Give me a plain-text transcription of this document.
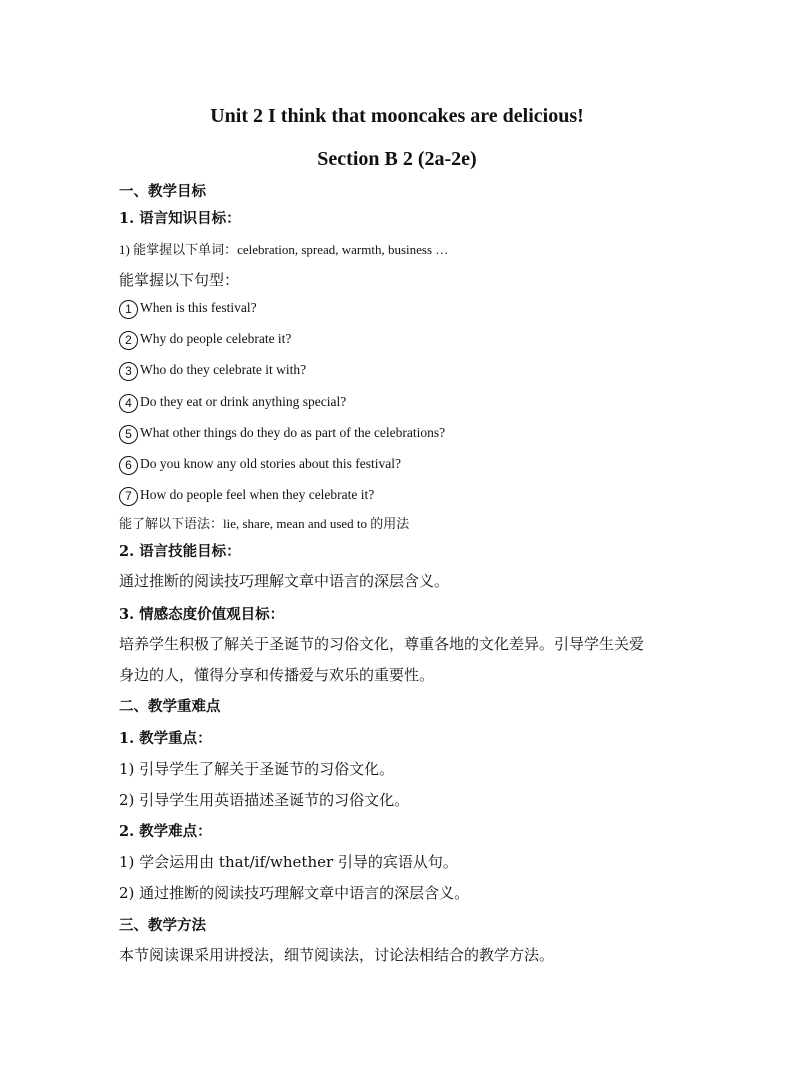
Unit 2 I think that mooncakes are delicious!
Section B 2 (2a-2e)
一、教学目标
1. 语言知识目标：
1) 能掌握以下单词：celebration, spread, warmth, business …
能掌握以下句型：
1 When is this festival?
2 Why do people celebrate it?
3 Who do they celebrate it with?
4 Do they eat or drink anything special?
5 What other things do they do as part of the celebrations?
6 Do you know any old stories about this festival?
7 How do people feel when they celebrate it?
能了解以下语法：lie, share, mean and used to 的用法
2. 语言技能目标：
通过推断的阅读技巧理解文章中语言的深层含义。
3. 情感态度价值观目标：
培养学生积极了解关于圣诞节的习俗文化，尊重各地的文化差异。引导学生关爱
身边的人，懂得分享和传播爱与欢乐的重要性。
二、教学重难点
1. 教学重点：
1) 引导学生了解关于圣诞节的习俗文化。
2) 引导学生用英语描述圣诞节的习俗文化。
2. 教学难点：
1) 学会运用由 that/if/whether 引导的宾语从句。
2) 通过推断的阅读技巧理解文章中语言的深层含义。
三、教学方法
本节阅读课采用讲授法，细节阅读法，讨论法相结合的教学方法。
